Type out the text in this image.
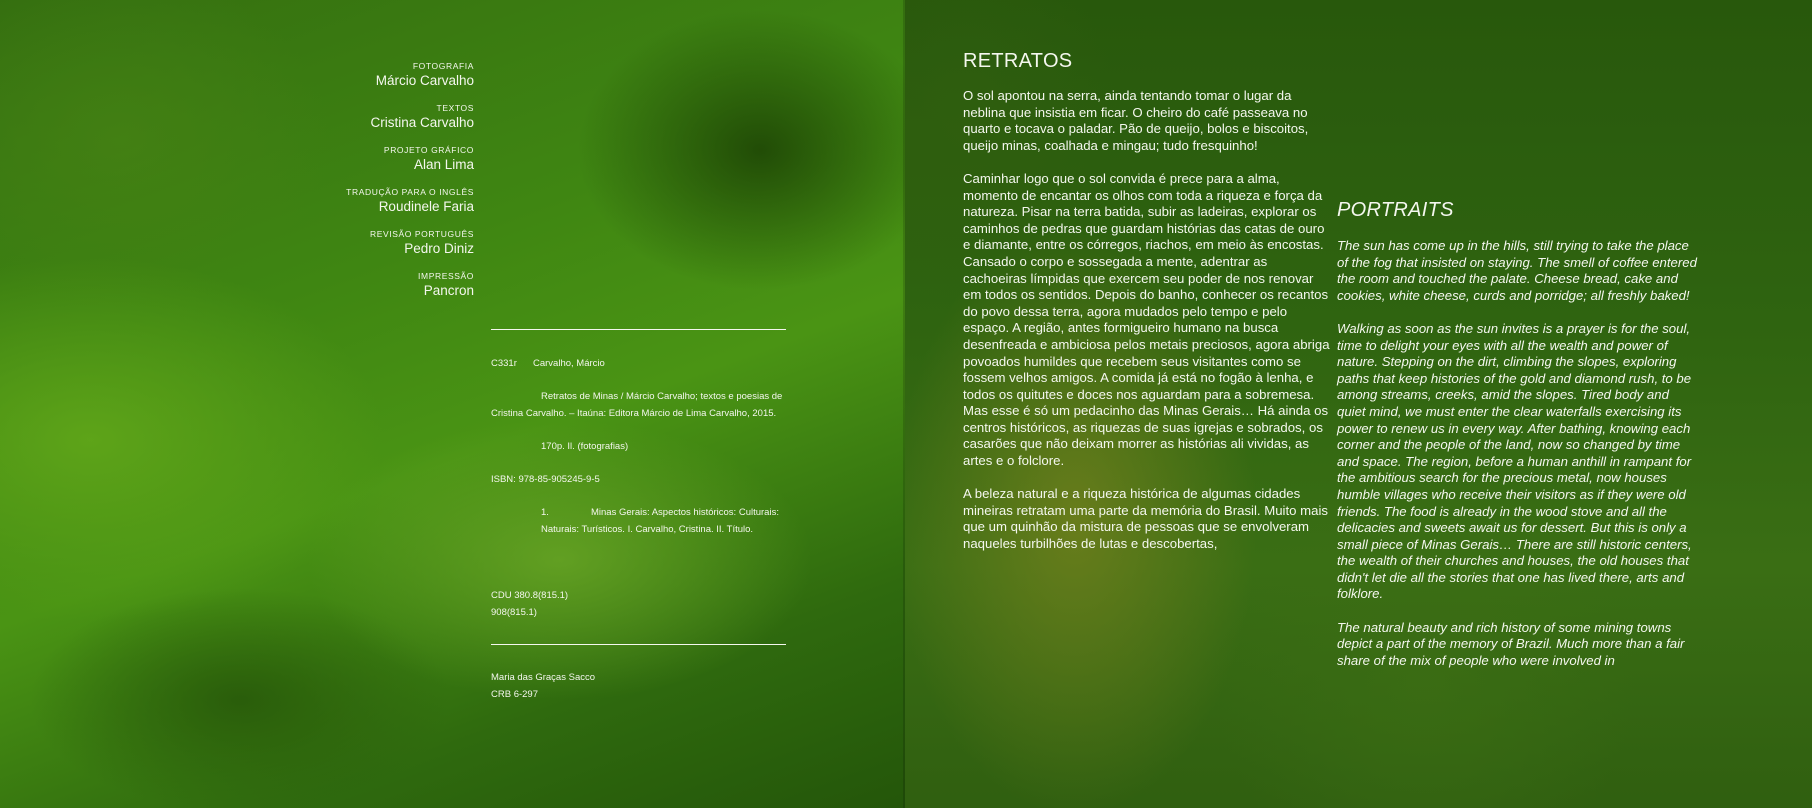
FOTOGRAFIA
Márcio Carvalho
TEXTOS
Cristina Carvalho
PROJETO GRÁFICO
Alan Lima
TRADUÇÃO PARA O INGLÊS
Roudinele Faria
REVISÃO PORTUGUÊS
Pedro Diniz
IMPRESSÃO
Pancron
C331r Carvalho, Márcio
Retratos de Minas / Márcio Carvalho; textos e poesias de
Cristina Carvalho. – Itaúna: Editora Márcio de Lima Carvalho, 2015.
170p. Il. (fotografias)
ISBN: 978-85-905245-9-5
1.	Minas Gerais: Aspectos históricos: Culturais:
Naturais: Turísticos. I. Carvalho, Cristina. II. Título.
CDU 380.8(815.1)
908(815.1)
Maria das Graças Sacco
CRB 6-297
RETRATOS

O sol apontou na serra, ainda tentando tomar o lugar da neblina que insistia em ficar. O cheiro do café passeava no quarto e tocava o paladar. Pão de queijo, bolos e biscoitos, queijo minas, coalhada e mingau; tudo fresquinho!

Caminhar logo que o sol convida é prece para a alma, momento de encantar os olhos com toda a riqueza e força da natureza. Pisar na terra batida, subir as ladeiras, explorar os caminhos de pedras que guardam histórias das catas de ouro e diamante, entre os córregos, riachos, em meio às encostas. Cansado o corpo e sossegada a mente, adentrar as cachoeiras límpidas que exercem seu poder de nos renovar em todos os sentidos. Depois do banho, conhecer os recantos do povo dessa terra, agora mudados pelo tempo e pelo espaço. A região, antes formigueiro humano na busca desenfreada e ambiciosa pelos metais preciosos, agora abriga povoados humildes que recebem seus visitantes como se fossem velhos amigos. A comida já está no fogão à lenha, e todos os quitutes e doces nos aguardam para a sobremesa. Mas esse é só um pedacinho das Minas Gerais… Há ainda os centros históricos, as riquezas de suas igrejas e sobrados, os casarões que não deixam morrer as histórias ali vividas, as artes e o folclore.

A beleza natural e a riqueza histórica de algumas cidades mineiras retratam uma parte da memória do Brasil. Muito mais que um quinhão da mistura de pessoas que se envolveram naqueles turbilhões de lutas e descobertas,

PORTRAITS

The sun has come up in the hills, still trying to take the place of the fog that insisted on staying. The smell of coffee entered the room and touched the palate. Cheese bread, cake and cookies, white cheese, curds and porridge; all freshly baked!

Walking as soon as the sun invites is a prayer is for the soul, time to delight your eyes with all the wealth and power of nature. Stepping on the dirt, climbing the slopes, exploring paths that keep histories of the gold and diamond rush, to be among streams, creeks, amid the slopes. Tired body and quiet mind, we must enter the clear waterfalls exercising its power to renew us in every way. After bathing, knowing each corner and the people of the land, now so changed by time and space. The region, before a human anthill in rampant for the ambitious search for the precious metal, now houses humble villages who receive their visitors as if they were old friends. The food is already in the wood stove and all the delicacies and sweets await us for dessert. But this is only a small piece of Minas Gerais… There are still historic centers, the wealth of their churches and houses, the old houses that didn't let die all the stories that one has lived there, arts and folklore.

The natural beauty and rich history of some mining towns depict a part of the memory of Brazil. Much more than a fair share of the mix of people who were involved in
